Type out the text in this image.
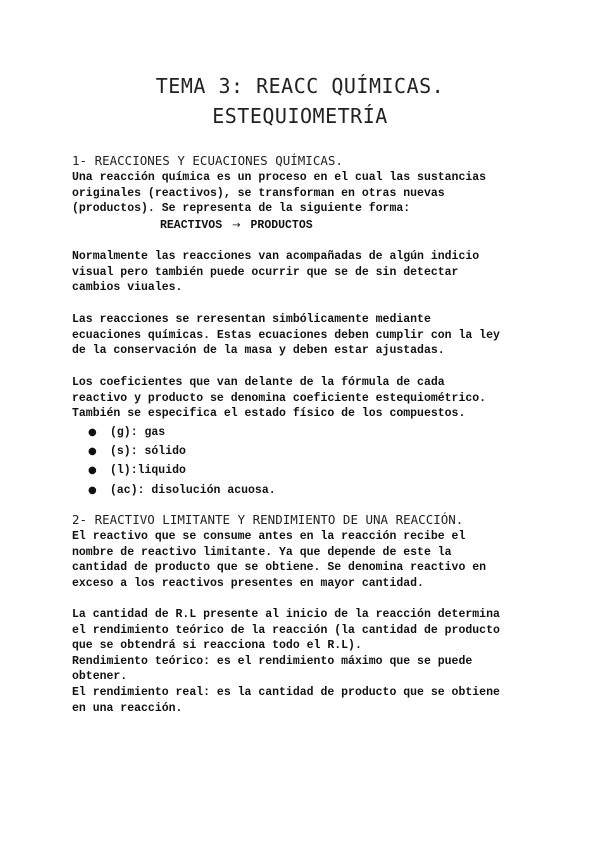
TEMA 3: REACC QUÍMICAS.
ESTEQUIOMETRÍA
1- REACCIONES Y ECUACIONES QUÍMICAS.

Una reacción química es un proceso en el cual las sustancias
originales (reactivos), se transforman en otras nuevas
(productos). Se representa de la siguiente forma:

REACTIVOS → PRODUCTOS

Normalmente las reacciones van acompañadas de algún indicio
visual pero también puede ocurrir que se de sin detectar
cambios viuales.

Las reacciones se reresentan simbólicamente mediante
ecuaciones químicas. Estas ecuaciones deben cumplir con la ley
de la conservación de la masa y deben estar ajustadas.

Los coeficientes que van delante de la fórmula de cada
reactivo y producto se denomina coeficiente estequiométrico.
También se especifica el estado físico de los compuestos.

● (g): gas
● (s): sólido
● (l):liquido
● (ac): disolución acuosa.
2- REACTIVO LIMITANTE Y RENDIMIENTO DE UNA REACCIÓN.

El reactivo que se consume antes en la reacción recibe el
nombre de reactivo limitante. Ya que depende de este la
cantidad de producto que se obtiene. Se denomina reactivo en
exceso a los reactivos presentes en mayor cantidad.

La cantidad de R.L presente al inicio de la reacción determina
el rendimiento teórico de la reacción (la cantidad de producto
que se obtendrá si reacciona todo el R.L).
Rendimiento teórico: es el rendimiento máximo que se puede
obtener.
El rendimiento real: es la cantidad de producto que se obtiene
en una reacción.
